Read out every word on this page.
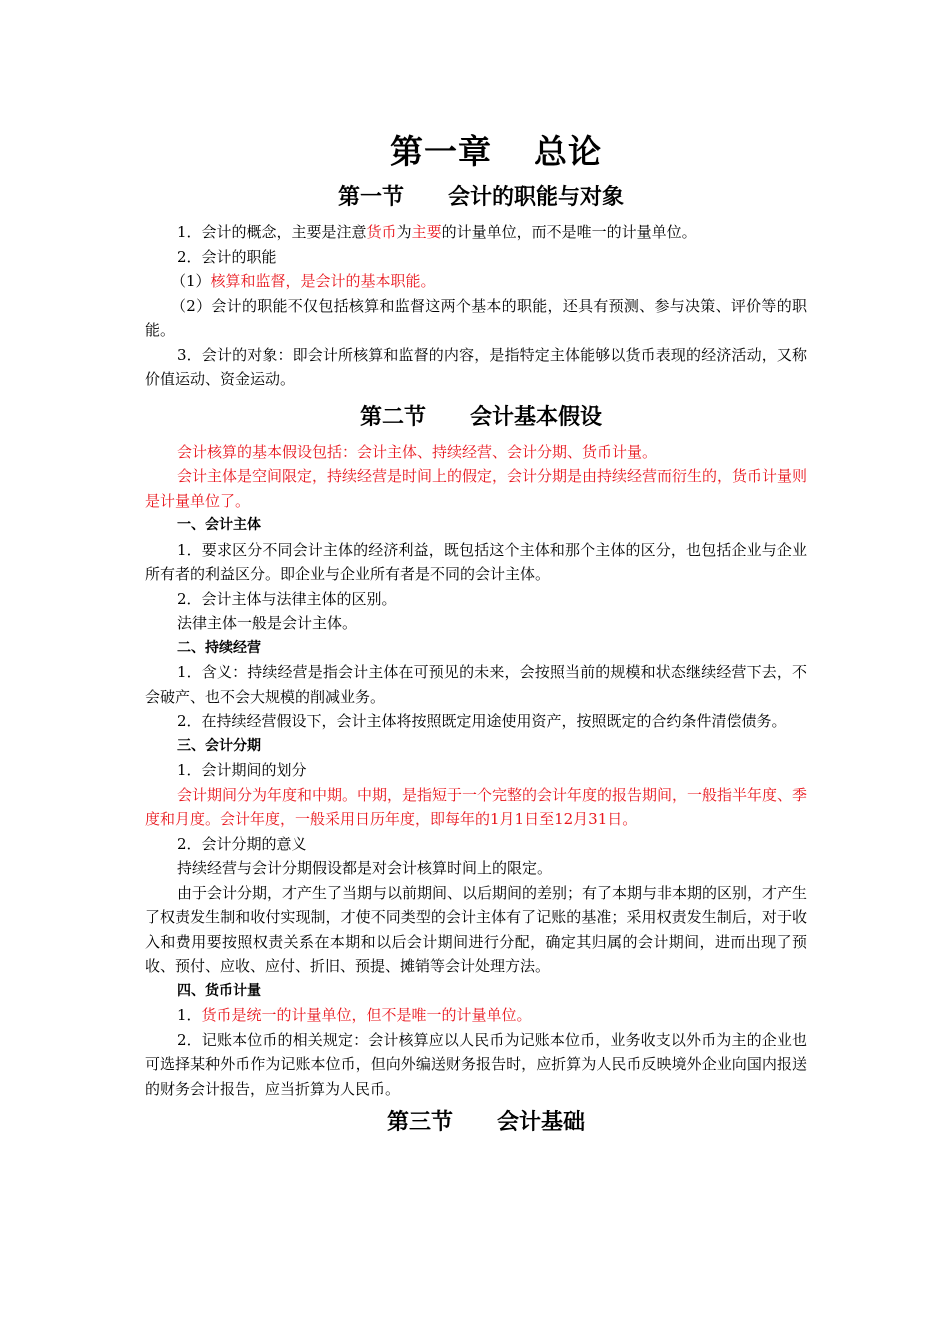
第一章 总论
第一节 会计的职能与对象

1．会计的概念，主要是注意货币为主要的计量单位，而不是唯一的计量单位。

2．会计的职能

（1）核算和监督，是会计的基本职能。

（2）会计的职能不仅包括核算和监督这两个基本的职能，还具有预测、参与决策、评价等的职能。

3．会计的对象：即会计所核算和监督的内容，是指特定主体能够以货币表现的经济活动，又称价值运动、资金运动。

第二节 会计基本假设

会计核算的基本假设包括：会计主体、持续经营、会计分期、货币计量。

会计主体是空间限定，持续经营是时间上的假定，会计分期是由持续经营而衍生的，货币计量则是计量单位了。

一、会计主体

1．要求区分不同会计主体的经济利益，既包括这个主体和那个主体的区分，也包括企业与企业所有者的利益区分。即企业与企业所有者是不同的会计主体。

2．会计主体与法律主体的区别。

法律主体一般是会计主体。

二、持续经营

1．含义：持续经营是指会计主体在可预见的未来，会按照当前的规模和状态继续经营下去，不会破产、也不会大规模的削减业务。

2．在持续经营假设下，会计主体将按照既定用途使用资产，按照既定的合约条件清偿债务。

三、会计分期

1．会计期间的划分

会计期间分为年度和中期。中期，是指短于一个完整的会计年度的报告期间，一般指半年度、季度和月度。会计年度，一般采用日历年度，即每年的1月1日至12月31日。

2．会计分期的意义

持续经营与会计分期假设都是对会计核算时间上的限定。

由于会计分期，才产生了当期与以前期间、以后期间的差别；有了本期与非本期的区别，才产生了权责发生制和收付实现制，才使不同类型的会计主体有了记账的基准；采用权责发生制后，对于收入和费用要按照权责关系在本期和以后会计期间进行分配，确定其归属的会计期间，进而出现了预收、预付、应收、应付、折旧、预提、摊销等会计处理方法。

四、货币计量

1．货币是统一的计量单位，但不是唯一的计量单位。

2．记账本位币的相关规定：会计核算应以人民币为记账本位币，业务收支以外币为主的企业也可选择某种外币作为记账本位币，但向外编送财务报告时，应折算为人民币反映境外企业向国内报送的财务会计报告，应当折算为人民币。

第三节 会计基础
